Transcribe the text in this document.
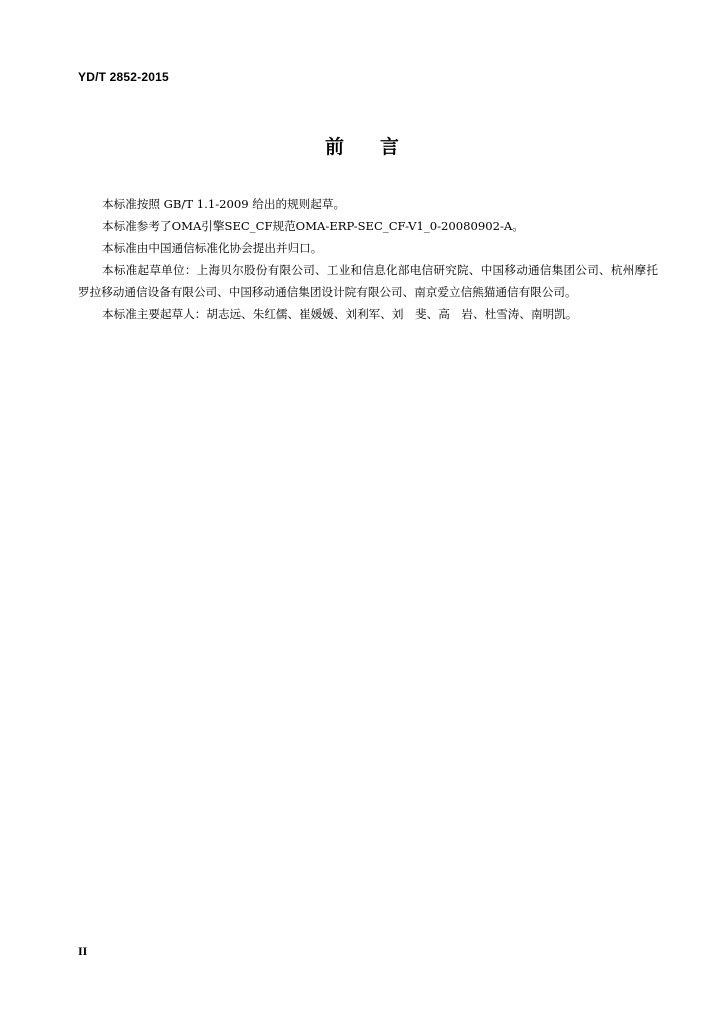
YD/T 2852-2015
前言

本标准按照 GB/T 1.1-2009 给出的规则起草。

本标准参考了OMA引擎SEC_CF规范OMA-ERP-SEC_CF-V1_0-20080902-A。

本标准由中国通信标准化协会提出并归口。

本标准起草单位：上海贝尔股份有限公司、工业和信息化部电信研究院、中国移动通信集团公司、杭州摩托罗拉移动通信设备有限公司、中国移动通信集团设计院有限公司、南京爱立信熊猫通信有限公司。

本标准主要起草人：胡志远、朱红儒、崔媛媛、刘利军、刘　斐、高　岩、杜雪涛、南明凯。

II
